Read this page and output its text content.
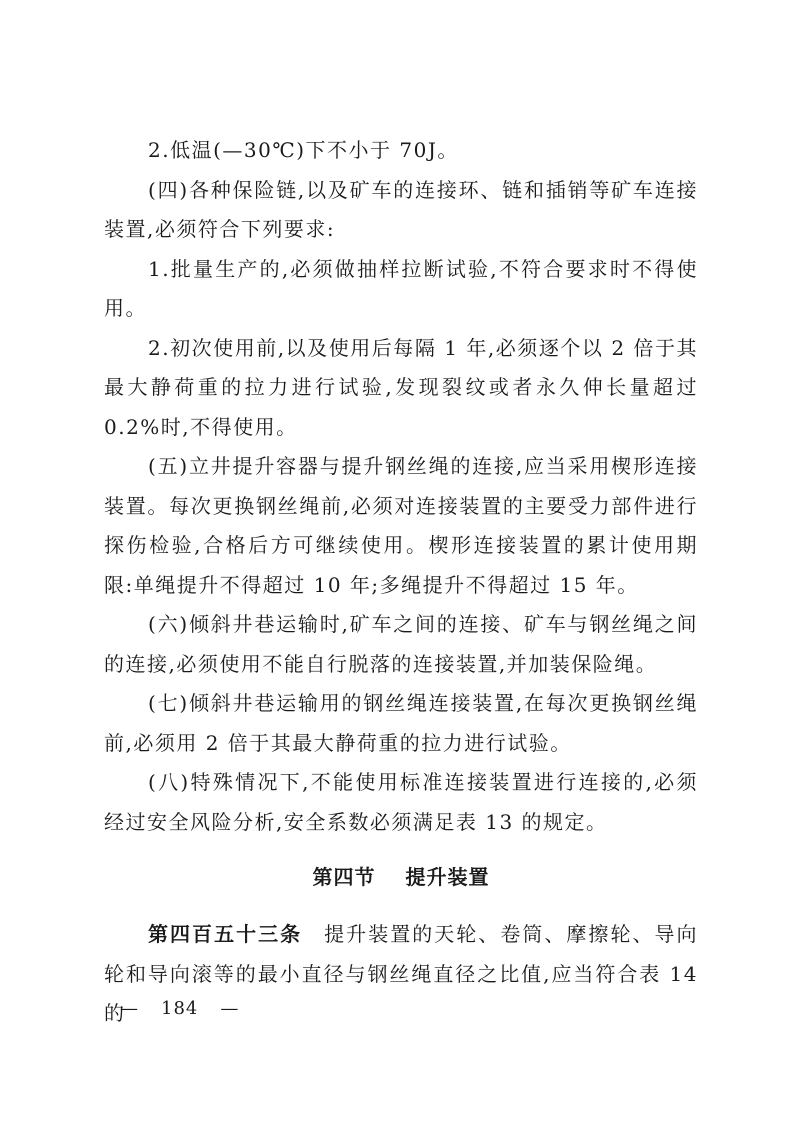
2.低温(—30℃)下不小于 70J。

(四)各种保险链,以及矿车的连接环、链和插销等矿车连接装置,必须符合下列要求:

1.批量生产的,必须做抽样拉断试验,不符合要求时不得使用。

2.初次使用前,以及使用后每隔 1 年,必须逐个以 2 倍于其最大静荷重的拉力进行试验,发现裂纹或者永久伸长量超过 0.2%时,不得使用。

(五)立井提升容器与提升钢丝绳的连接,应当采用楔形连接装置。每次更换钢丝绳前,必须对连接装置的主要受力部件进行探伤检验,合格后方可继续使用。楔形连接装置的累计使用期限:单绳提升不得超过 10 年;多绳提升不得超过 15 年。

(六)倾斜井巷运输时,矿车之间的连接、矿车与钢丝绳之间的连接,必须使用不能自行脱落的连接装置,并加装保险绳。

(七)倾斜井巷运输用的钢丝绳连接装置,在每次更换钢丝绳前,必须用 2 倍于其最大静荷重的拉力进行试验。

(八)特殊情况下,不能使用标准连接装置进行连接的,必须经过安全风险分析,安全系数必须满足表 13 的规定。

第四节 提升装置

第四百五十三条 提升装置的天轮、卷筒、摩擦轮、导向轮和导向滚等的最小直径与钢丝绳直径之比值,应当符合表 14 的

— 184 —
